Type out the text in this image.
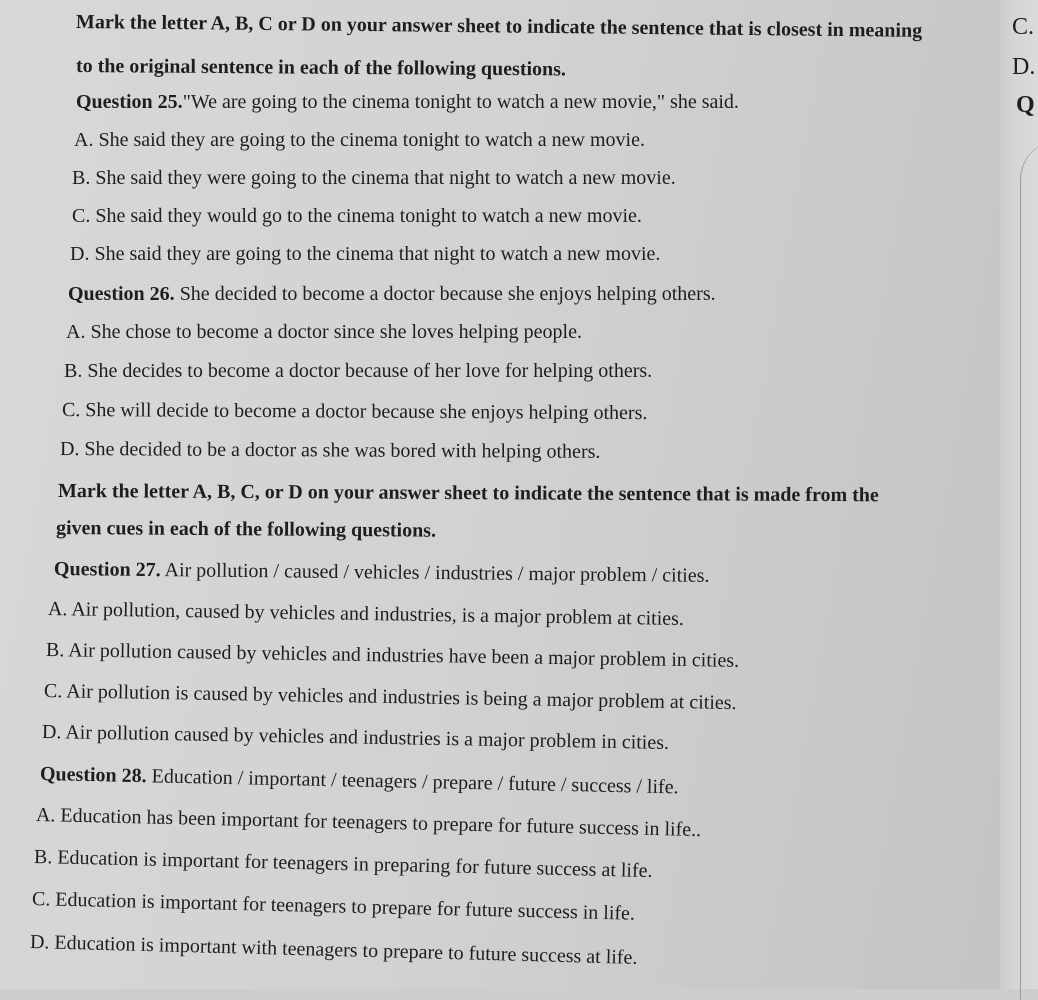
C.
D.
Q
Mark the letter A, B, C or D on your answer sheet to indicate the sentence that is closest in meaning
to the original sentence in each of the following questions.
Question 25."We are going to the cinema tonight to watch a new movie," she said.
A. She said they are going to the cinema tonight to watch a new movie.
B. She said they were going to the cinema that night to watch a new movie.
C. She said they would go to the cinema tonight to watch a new movie.
D. She said they are going to the cinema that night to watch a new movie.
Question 26. She decided to become a doctor because she enjoys helping others.
A. She chose to become a doctor since she loves helping people.
B. She decides to become a doctor because of her love for helping others.
C. She will decide to become a doctor because she enjoys helping others.
D. She decided to be a doctor as she was bored with helping others.
Mark the letter A, B, C, or D on your answer sheet to indicate the sentence that is made from the
given cues in each of the following questions.
Question 27. Air pollution / caused / vehicles / industries / major problem / cities.
A. Air pollution, caused by vehicles and industries, is a major problem at cities.
B. Air pollution caused by vehicles and industries have been a major problem in cities.
C. Air pollution is caused by vehicles and industries is being a major problem at cities.
D. Air pollution caused by vehicles and industries is a major problem in cities.
Question 28. Education / important / teenagers / prepare / future / success / life.
A. Education has been important for teenagers to prepare for future success in life..
B. Education is important for teenagers in preparing for future success at life.
C. Education is important for teenagers to prepare for future success in life.
D. Education is important with teenagers to prepare to future success at life.
